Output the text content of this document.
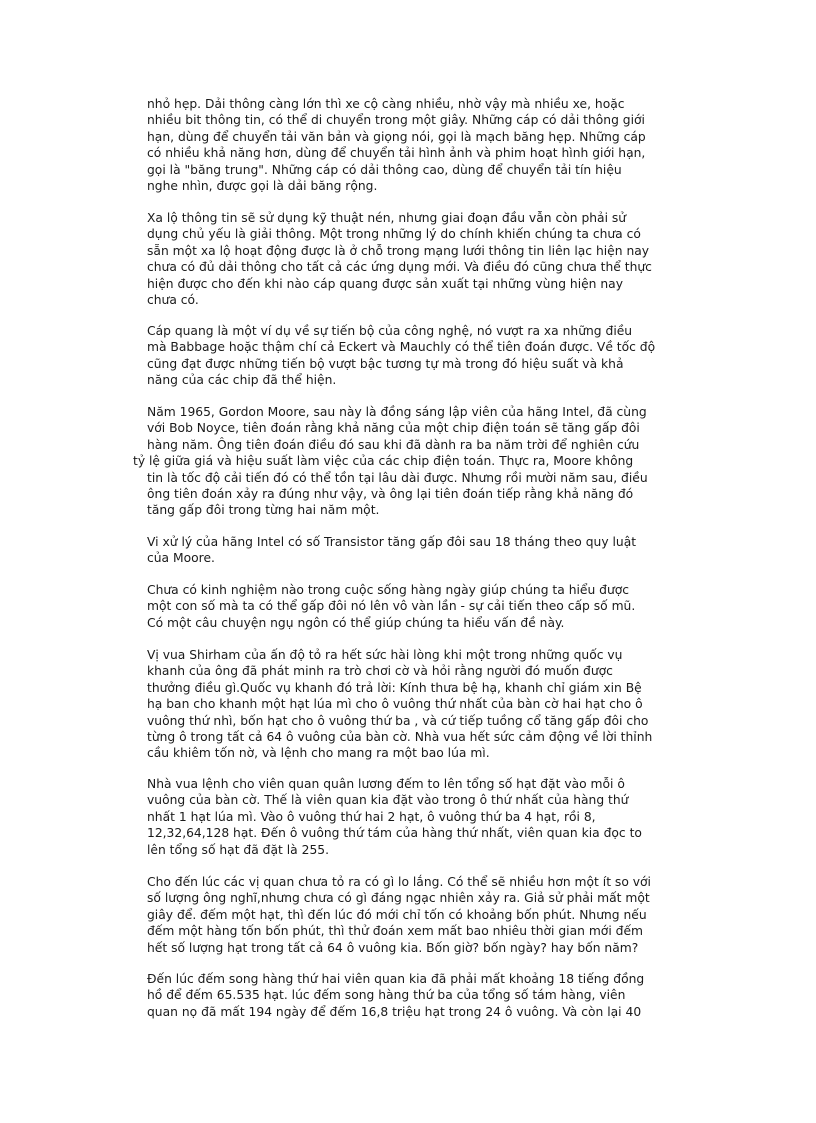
nhỏ hẹp. Dải thông càng lớn thì xe cộ càng nhiều, nhờ vậy mà nhiều xe, hoặc
nhiều bit thông tin, có thể di chuyển trong một giây. Những cáp có dải thông giới
hạn, dùng để chuyển tải văn bản và giọng nói, gọi là mạch băng hẹp. Những cáp
có nhiều khả năng hơn, dùng để chuyển tải hình ảnh và phim hoạt hình giới hạn,
gọi là "băng trung". Những cáp có dải thông cao, dùng để chuyển tải tín hiệu
nghe nhìn, được gọi là dải băng rộng.
Xa lộ thông tin sẽ sử dụng kỹ thuật nén, nhưng giai đoạn đầu vẫn còn phải sử
dụng chủ yếu là giải thông. Một trong những lý do chính khiến chúng ta chưa có
sẵn một xa lộ hoạt động được là ở chỗ trong mạng lưới thông tin liên lạc hiện nay
chưa có đủ dải thông cho tất cả các ứng dụng mới. Và điều đó cũng chưa thể thực
hiện được cho đến khi nào cáp quang được sản xuất tại những vùng hiện nay
chưa có.
Cáp quang là một ví dụ về sự tiến bộ của công nghệ, nó vượt ra xa những điều
mà Babbage hoặc thậm chí cả Eckert và Mauchly có thể tiên đoán được. Về tốc độ
cũng đạt được những tiến bộ vượt bậc tương tự mà trong đó hiệu suất và khả
năng của các chip đã thể hiện.
Năm 1965, Gordon Moore, sau này là đồng sáng lập viên của hãng Intel, đã cùng
với Bob Noyce, tiên đoán rằng khả năng của một chip điện toán sẽ tăng gấp đôi
hàng năm. Ông tiên đoán điều đó sau khi đã dành ra ba năm trời để nghiên cứu
tỷ lệ giữa giá và hiệu suất làm việc của các chip điện toán. Thực ra, Moore không
tin là tốc độ cải tiến đó có thể tồn tại lâu dài được. Nhưng rồi mười năm sau, điều
ông tiên đoán xảy ra đúng như vậy, và ông lại tiên đoán tiếp rằng khả năng đó
tăng gấp đôi trong từng hai năm một.
Vi xử lý của hãng Intel có số Transistor tăng gấp đôi sau 18 tháng theo quy luật
của Moore.
Chưa có kinh nghiệm nào trong cuộc sống hàng ngày giúp chúng ta hiểu được
một con số mà ta có thể gấp đôi nó lên vô vàn lần - sự cải tiến theo cấp số mũ.
Có một câu chuyện ngụ ngôn có thể giúp chúng ta hiểu vấn đề này.
Vị vua Shirham của ấn độ tỏ ra hết sức hài lòng khi một trong những quốc vụ
khanh của ông đã phát minh ra trò chơi cờ và hỏi rằng người đó muốn được
thưởng điều gì.Quốc vụ khanh đó trả lời: Kính thưa bệ hạ, khanh chỉ giám xin Bệ
hạ ban cho khanh một hạt lúa mì cho ô vuông thứ nhất của bàn cờ hai hạt cho ô
vuông thứ nhì, bốn hạt cho ô vuông thứ ba , và cứ tiếp tuồng cổ tăng gấp đôi cho
từng ô trong tất cả 64 ô vuông của bàn cờ. Nhà vua hết sức cảm động về lời thỉnh
cầu khiêm tốn nờ, và lệnh cho mang ra một bao lúa mì.
Nhà vua lệnh cho viên quan quân lương đếm to lên tổng số hạt đặt vào mỗi ô
vuông của bàn cờ. Thế là viên quan kia đặt vào trong ô thứ nhất của hàng thứ
nhất 1 hạt lúa mì. Vào ô vuông thứ hai 2 hạt, ô vuông thứ ba 4 hạt, rồi 8,
12,32,64,128 hạt. Đến ô vuông thứ tám của hàng thứ nhất, viên quan kia đọc to
lên tổng số hạt đã đặt là 255.
Cho đến lúc các vị quan chưa tỏ ra có gì lo lắng. Có thể sẽ nhiều hơn một ít so với
số lượng ông nghĩ,nhưng chưa có gì đáng ngạc nhiên xảy ra. Giả sử phải mất một
giây để. đếm một hạt, thì đến lúc đó mới chỉ tốn có khoảng bốn phút. Nhưng nếu
đếm một hàng tốn bốn phút, thì thử đoán xem mất bao nhiêu thời gian mới đếm
hết số lượng hạt trong tất cả 64 ô vuông kia. Bốn giờ? bốn ngày? hay bốn năm?
Đến lúc đếm song hàng thứ hai viên quan kia đã phải mất khoảng 18 tiếng đồng
hồ để đếm 65.535 hạt. lúc đếm song hàng thứ ba của tổng số tám hàng, viên
quan nọ đã mất 194 ngày để đếm 16,8 triệu hạt trong 24 ô vuông. Và còn lại 40
